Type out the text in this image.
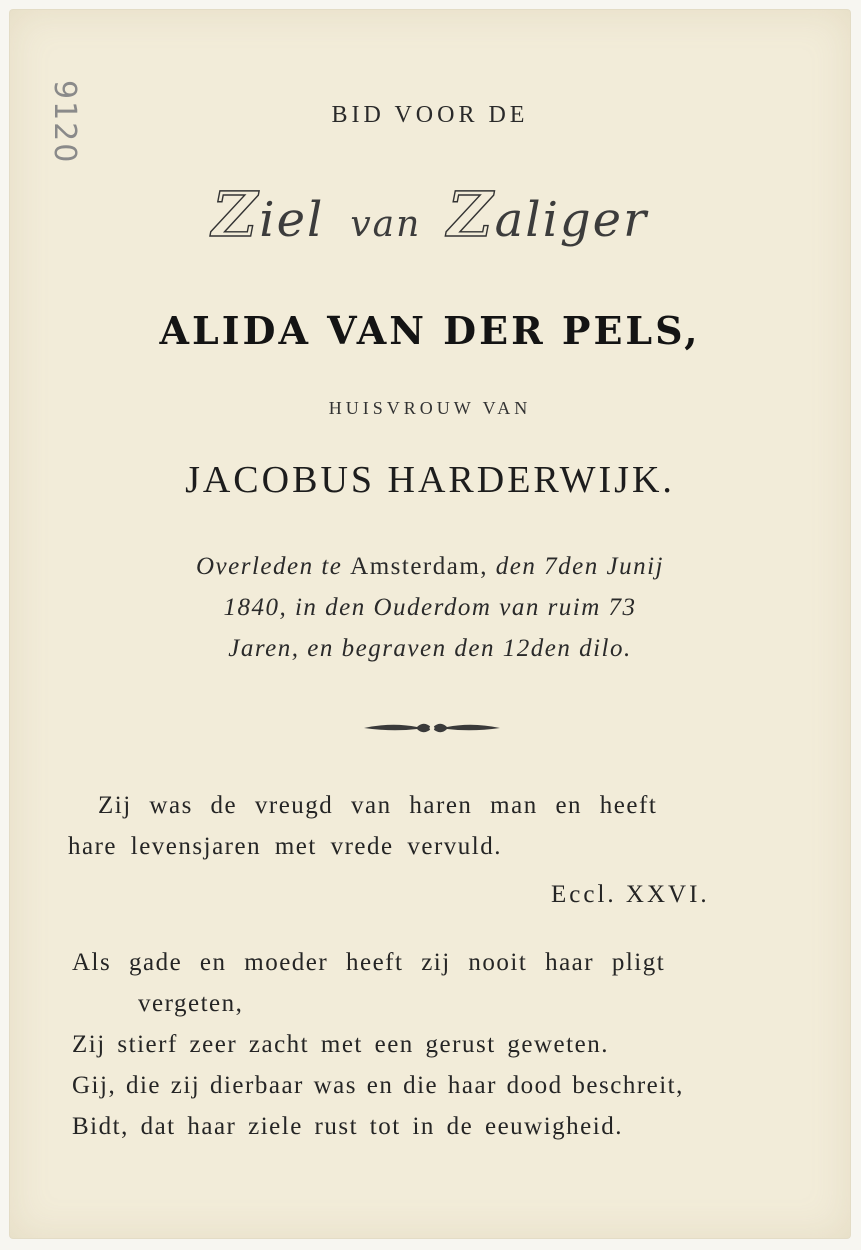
9120	BID VOOR DE
Ziel van Zaliger
ALIDA VAN DER PELS,
HUISVROUW VAN
JACOBUS HARDERWIJK.
Overleden te Amsterdam, den 7den Junij
1840, in den Ouderdom van ruim 73
Jaren, en begraven den 12den dilo.
Zij was de vreugd van haren man en heeft
hare levensjaren met vrede vervuld.
Eccl. XXVI.
Als gade en moeder heeft zij nooit haar pligt
vergeten,
Zij stierf zeer zacht met een gerust geweten.
Gij, die zij dierbaar was en die haar dood beschreit,
Bidt, dat haar ziele rust tot in de eeuwigheid.
